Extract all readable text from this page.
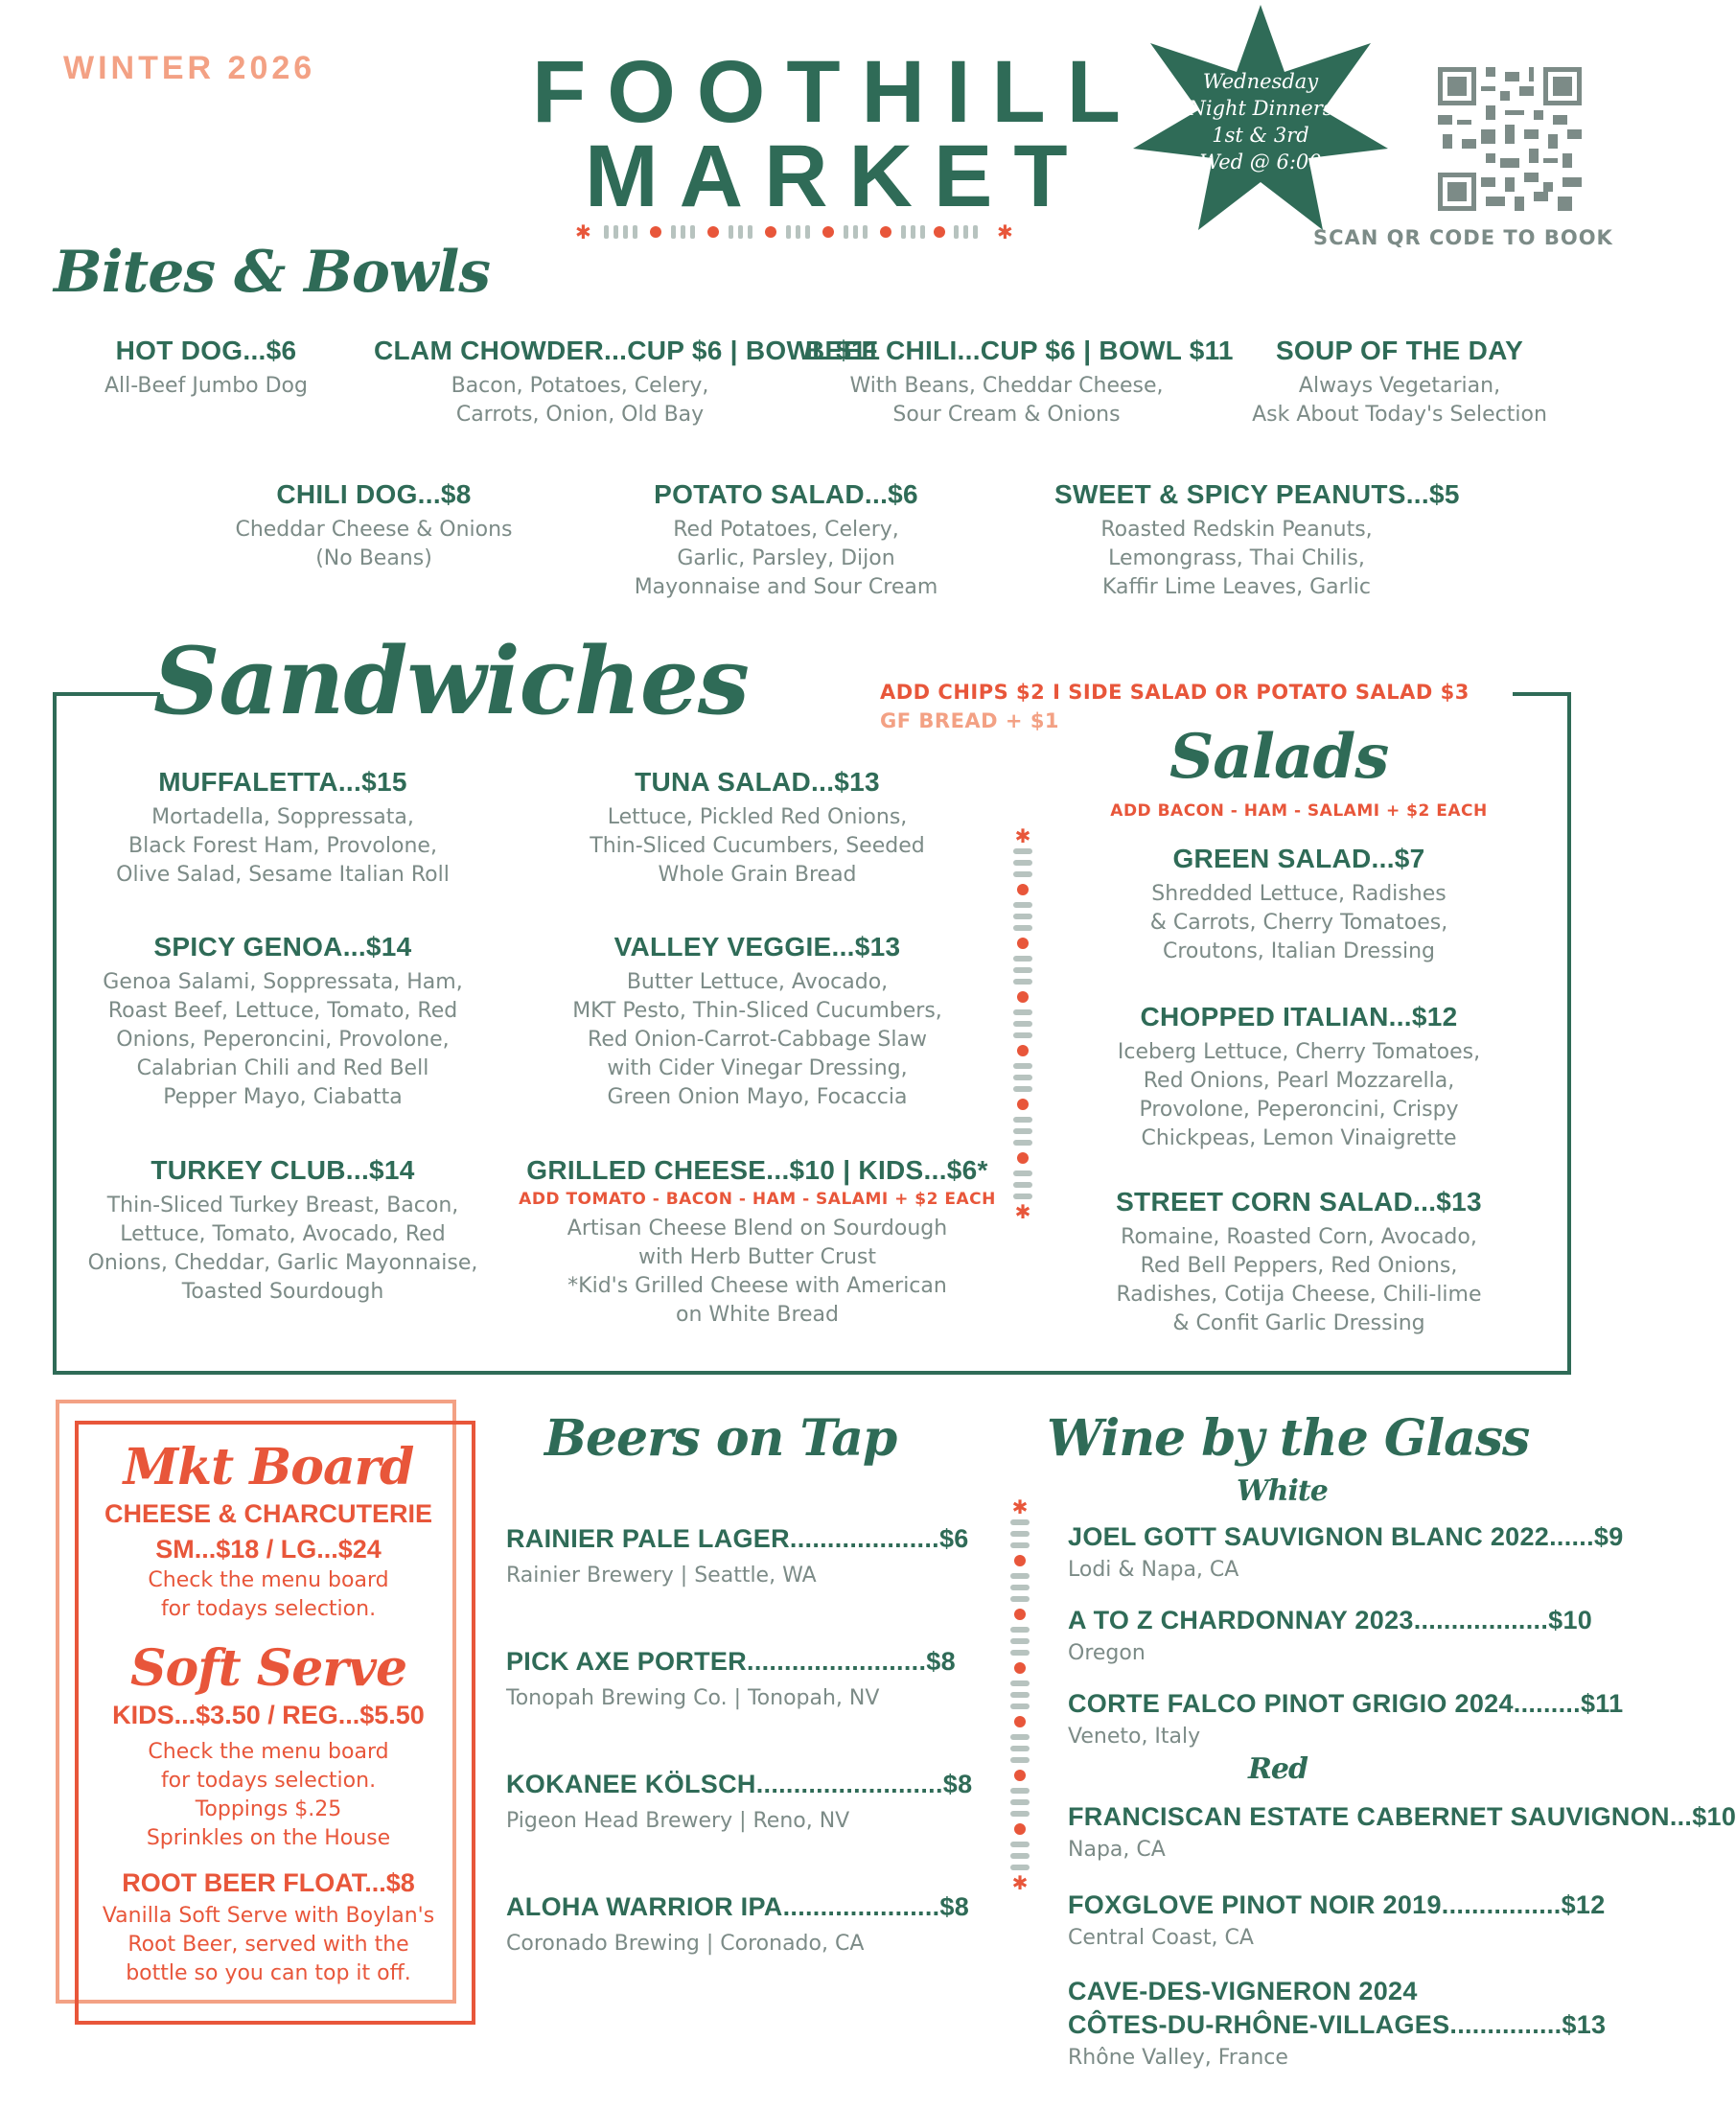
WINTER 2026 FOOTHILL
MARKET
✱	✱
Wednesday
Night Dinners
1st & 3rd
Wed @ 6:00
SCAN QR CODE TO BOOK
Bites & Bowls
HOT DOG...$6
All-Beef Jumbo Dog
CLAM CHOWDER...CUP $6 | BOWL $11
Bacon, Potatoes, Celery,
Carrots, Onion, Old Bay
BEEF CHILI...CUP $6 | BOWL $11
With Beans, Cheddar Cheese,
Sour Cream & Onions
SOUP OF THE DAY
Always Vegetarian,
Ask About Today's Selection
CHILI DOG...$8
Cheddar Cheese & Onions
(No Beans)
POTATO SALAD...$6
Red Potatoes, Celery,
Garlic, Parsley, Dijon
Mayonnaise and Sour Cream
SWEET & SPICY PEANUTS...$5
Roasted Redskin Peanuts,
Lemongrass, Thai Chilis,
Kaffir Lime Leaves, Garlic
Sandwiches	ADD CHIPS $2 I SIDE SALAD OR POTATO SALAD $3
GF BREAD + $1
MUFFALETTA...$15
Mortadella, Soppressata,
Black Forest Ham, Provolone,
Olive Salad, Sesame Italian Roll
TUNA SALAD...$13
Lettuce, Pickled Red Onions,
Thin-Sliced Cucumbers, Seeded
Whole Grain Bread
SPICY GENOA...$14
Genoa Salami, Soppressata, Ham,
Roast Beef, Lettuce, Tomato, Red
Onions, Peperoncini, Provolone,
Calabrian Chili and Red Bell
Pepper Mayo, Ciabatta
VALLEY VEGGIE...$13
Butter Lettuce, Avocado,
MKT Pesto, Thin-Sliced Cucumbers,
Red Onion-Carrot-Cabbage Slaw
with Cider Vinegar Dressing,
Green Onion Mayo, Focaccia
TURKEY CLUB...$14
Thin-Sliced Turkey Breast, Bacon,
Lettuce, Tomato, Avocado, Red
Onions, Cheddar, Garlic Mayonnaise,
Toasted Sourdough
GRILLED CHEESE...$10 | KIDS...$6*
ADD TOMATO - BACON - HAM - SALAMI + $2 EACH
Artisan Cheese Blend on Sourdough
with Herb Butter Crust
*Kid's Grilled Cheese with American
on White Bread
✱
✱
Salads
ADD BACON - HAM - SALAMI + $2 EACH
GREEN SALAD...$7
Shredded Lettuce, Radishes
& Carrots, Cherry Tomatoes,
Croutons, Italian Dressing
CHOPPED ITALIAN...$12
Iceberg Lettuce, Cherry Tomatoes,
Red Onions, Pearl Mozzarella,
Provolone, Peperoncini, Crispy
Chickpeas, Lemon Vinaigrette
STREET CORN SALAD...$13
Romaine, Roasted Corn, Avocado,
Red Bell Peppers, Red Onions,
Radishes, Cotija Cheese, Chili-lime
& Confit Garlic Dressing
Mkt Board
CHEESE & CHARCUTERIE
SM...$18 / LG...$24
Check the menu board
for todays selection.
Soft Serve
KIDS...$3.50 / REG...$5.50
Check the menu board
for todays selection.
Toppings $.25
Sprinkles on the House
ROOT BEER FLOAT...$8
Vanilla Soft Serve with Boylan's
Root Beer, served with the
bottle so you can top it off.
Beers on Tap
RAINIER PALE LAGER....................$6
Rainier Brewery | Seattle, WA
PICK AXE PORTER........................$8
Tonopah Brewing Co. | Tonopah, NV
KOKANEE KÖLSCH.........................$8
Pigeon Head Brewery | Reno, NV
ALOHA WARRIOR IPA.....................$8
Coronado Brewing | Coronado, CA
✱
✱
Wine by the Glass
White
JOEL GOTT SAUVIGNON BLANC 2022......$9
Lodi & Napa, CA
A TO Z CHARDONNAY 2023..................$10
Oregon
CORTE FALCO PINOT GRIGIO 2024.........$11
Veneto, Italy
Red
FRANCISCAN ESTATE CABERNET SAUVIGNON...$10
Napa, CA
FOXGLOVE PINOT NOIR 2019................$12
Central Coast, CA
CAVE-DES-VIGNERON 2024
CÔTES-DU-RHÔNE-VILLAGES...............$13
Rhône Valley, France
